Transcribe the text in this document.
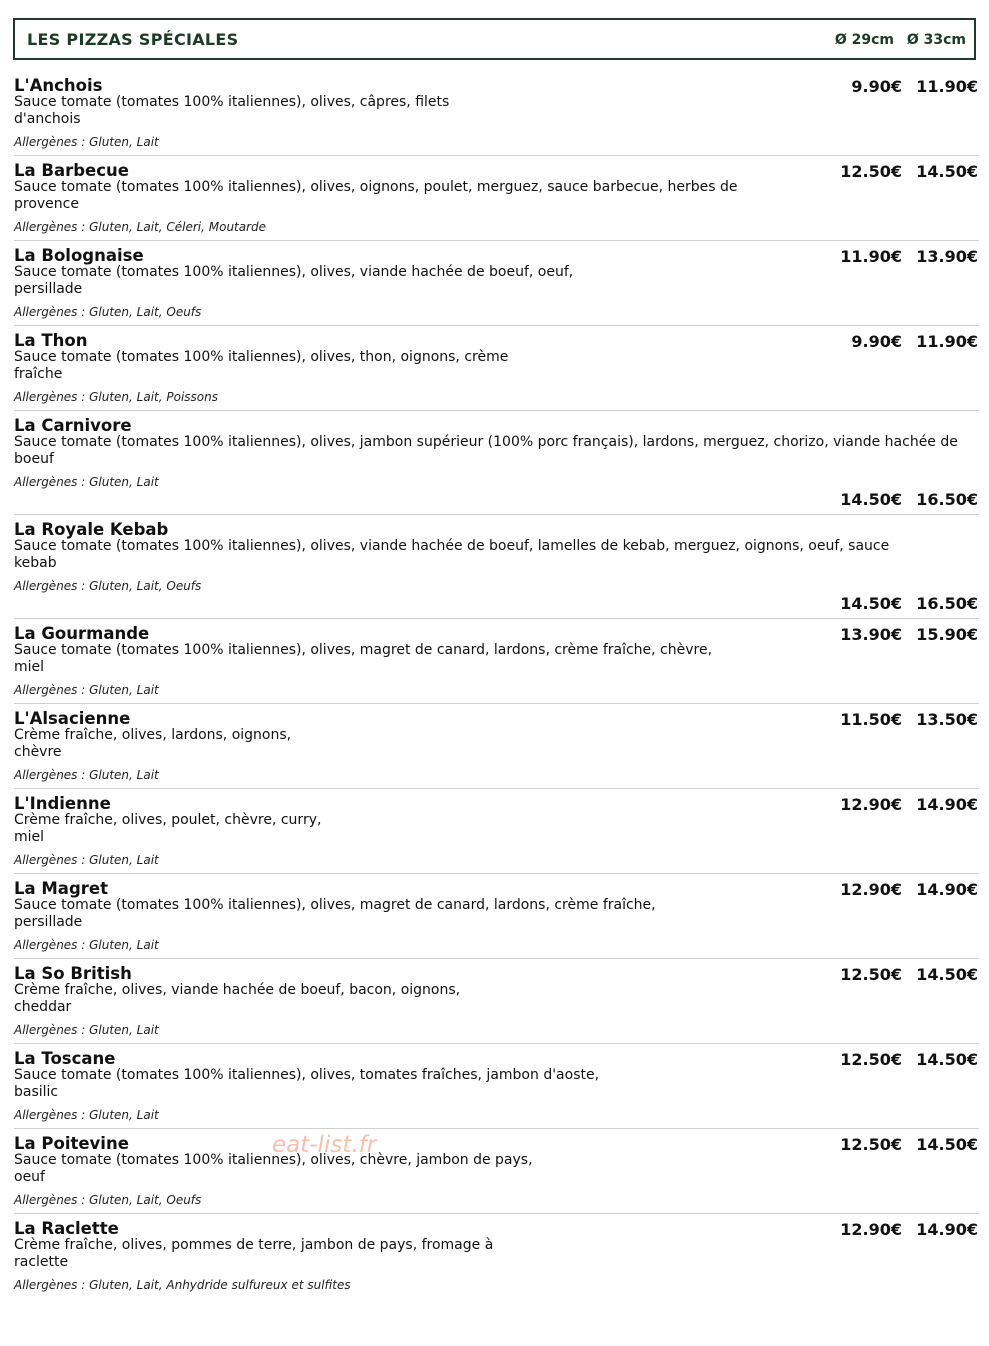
LES PIZZAS SPÉCIALES	Ø 29cm Ø 33cm
L'Anchois
Sauce tomate (tomates 100% italiennes), olives, câpres, filets
d'anchois
Allergènes : Gluten, Lait
9.90€ 11.90€
La Barbecue
Sauce tomate (tomates 100% italiennes), olives, oignons, poulet, merguez, sauce barbecue, herbes de
provence
Allergènes : Gluten, Lait, Céleri, Moutarde
12.50€ 14.50€
La Bolognaise
Sauce tomate (tomates 100% italiennes), olives, viande hachée de boeuf, oeuf,
persillade
Allergènes : Gluten, Lait, Oeufs
11.90€ 13.90€
La Thon
Sauce tomate (tomates 100% italiennes), olives, thon, oignons, crème
fraîche
Allergènes : Gluten, Lait, Poissons
9.90€ 11.90€
La Carnivore
Sauce tomate (tomates 100% italiennes), olives, jambon supérieur (100% porc français), lardons, merguez, chorizo, viande hachée de
boeuf
Allergènes : Gluten, Lait
14.50€ 16.50€
La Royale Kebab
Sauce tomate (tomates 100% italiennes), olives, viande hachée de boeuf, lamelles de kebab, merguez, oignons, oeuf, sauce
kebab
Allergènes : Gluten, Lait, Oeufs
14.50€ 16.50€
La Gourmande
Sauce tomate (tomates 100% italiennes), olives, magret de canard, lardons, crème fraîche, chèvre,
miel
Allergènes : Gluten, Lait
13.90€ 15.90€
L'Alsacienne
Crème fraîche, olives, lardons, oignons,
chèvre
Allergènes : Gluten, Lait
11.50€ 13.50€
L'Indienne
Crème fraîche, olives, poulet, chèvre, curry,
miel
Allergènes : Gluten, Lait
12.90€ 14.90€
La Magret
Sauce tomate (tomates 100% italiennes), olives, magret de canard, lardons, crème fraîche,
persillade
Allergènes : Gluten, Lait
12.90€ 14.90€
La So British
Crème fraîche, olives, viande hachée de boeuf, bacon, oignons,
cheddar
Allergènes : Gluten, Lait
12.50€ 14.50€
La Toscane
Sauce tomate (tomates 100% italiennes), olives, tomates fraîches, jambon d'aoste,
basilic
Allergènes : Gluten, Lait
12.50€ 14.50€
La Poitevine
Sauce tomate (tomates 100% italiennes), olives, chèvre, jambon de pays,
oeuf
Allergènes : Gluten, Lait, Oeufs
12.50€ 14.50€
La Raclette
Crème fraîche, olives, pommes de terre, jambon de pays, fromage à
raclette
Allergènes : Gluten, Lait, Anhydride sulfureux et sulfites
12.90€ 14.90€
eat-list.fr
